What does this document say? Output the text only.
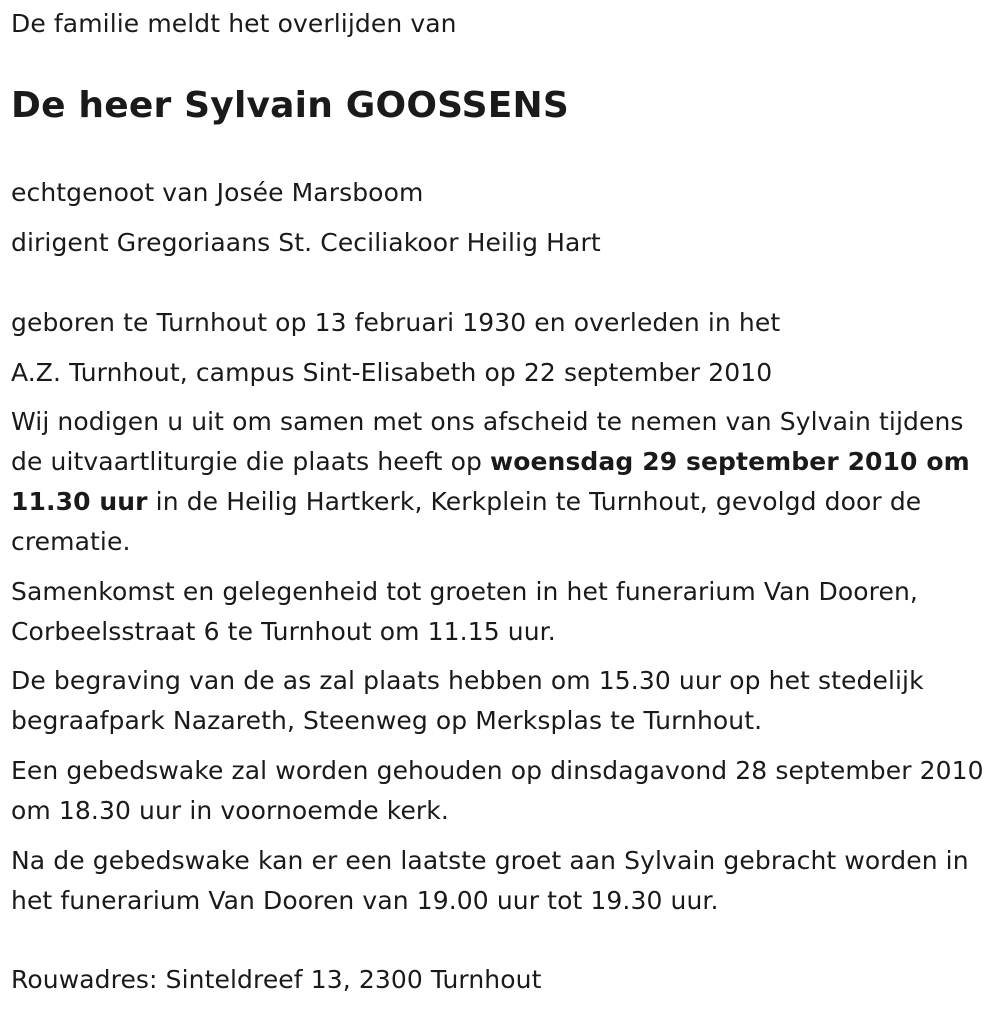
De familie meldt het overlijden van
De heer Sylvain GOOSSENS
echtgenoot van Josée Marsboom
dirigent Gregoriaans St. Ceciliakoor Heilig Hart
geboren te Turnhout op 13 februari 1930 en overleden in het
A.Z. Turnhout, campus Sint-Elisabeth op 22 september 2010
Wij nodigen u uit om samen met ons afscheid te nemen van Sylvain tijdens de uitvaartliturgie die plaats heeft op woensdag 29 september 2010 om 11.30 uur in de Heilig Hartkerk, Kerkplein te Turnhout, gevolgd door de crematie.
Samenkomst en gelegenheid tot groeten in het funerarium Van Dooren, Corbeelsstraat 6 te Turnhout om 11.15 uur.
De begraving van de as zal plaats hebben om 15.30 uur op het stedelijk begraafpark Nazareth, Steenweg op Merksplas te Turnhout.
Een gebedswake zal worden gehouden op dinsdagavond 28 september 2010 om 18.30 uur in voornoemde kerk.
Na de gebedswake kan er een laatste groet aan Sylvain gebracht worden in het funerarium Van Dooren van 19.00 uur tot 19.30 uur.
Rouwadres: Sinteldreef 13, 2300 Turnhout
